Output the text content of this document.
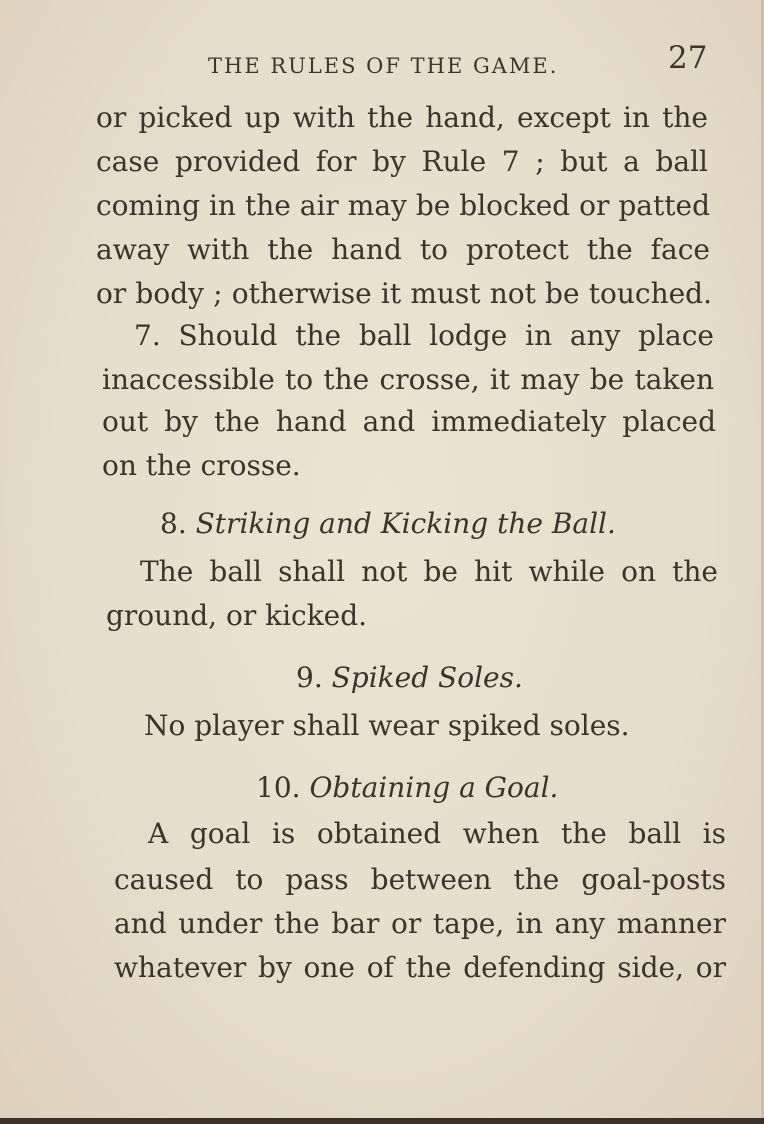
THE RULES OF THE GAME.	27
or picked up with the hand, except in the
case provided for by Rule 7 ; but a ball
coming in the air may be blocked or patted
away with the hand to protect the face
or body ; otherwise it must not be touched.
7. Should the ball lodge in any place
inaccessible to the crosse, it may be taken
out by the hand and immediately placed
on the crosse.
8. Striking and Kicking the Ball.
The ball shall not be hit while on the
ground, or kicked.
9. Spiked Soles.
No player shall wear spiked soles.
10. Obtaining a Goal.
A goal is obtained when the ball is
caused to pass between the goal-posts
and under the bar or tape, in any manner
whatever by one of the defending side, or
